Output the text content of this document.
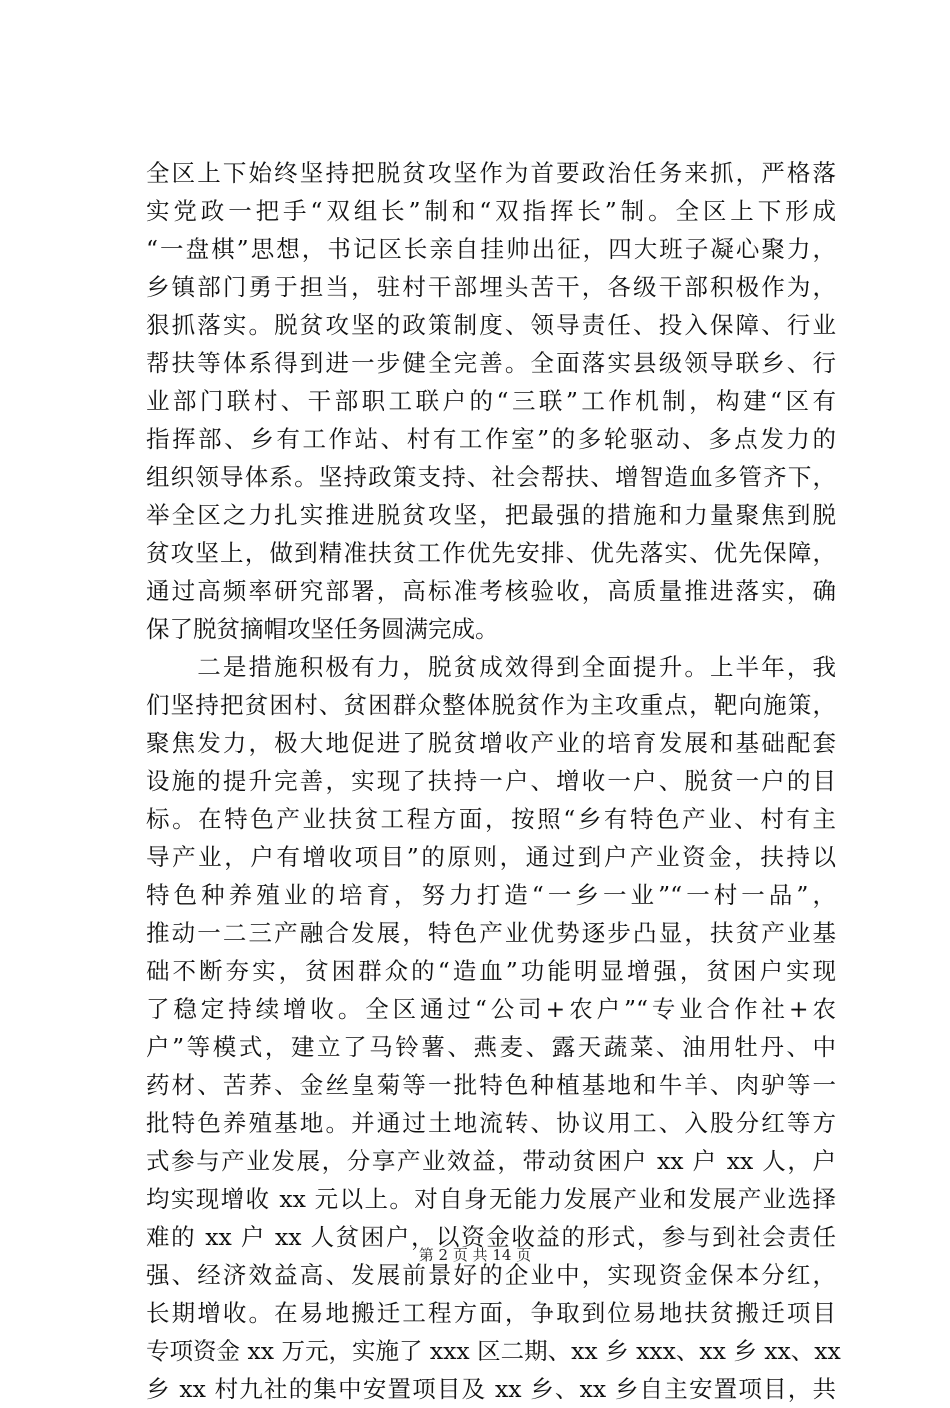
全区上下始终坚持把脱贫攻坚作为首要政治任务来抓，严格落
实党政一把手“双组长”制和“双指挥长”制。全区上下形成
“一盘棋”思想，书记区长亲自挂帅出征，四大班子凝心聚力，
乡镇部门勇于担当，驻村干部埋头苦干，各级干部积极作为，
狠抓落实。脱贫攻坚的政策制度、领导责任、投入保障、行业
帮扶等体系得到进一步健全完善。全面落实县级领导联乡、行
业部门联村、干部职工联户的“三联”工作机制，构建“区有
指挥部、乡有工作站、村有工作室”的多轮驱动、多点发力的
组织领导体系。坚持政策支持、社会帮扶、增智造血多管齐下，
举全区之力扎实推进脱贫攻坚，把最强的措施和力量聚焦到脱
贫攻坚上，做到精准扶贫工作优先安排、优先落实、优先保障，
通过高频率研究部署，高标准考核验收，高质量推进落实，确
保了脱贫摘帽攻坚任务圆满完成。
　　二是措施积极有力，脱贫成效得到全面提升。上半年，我
们坚持把贫困村、贫困群众整体脱贫作为主攻重点，靶向施策，
聚焦发力，极大地促进了脱贫增收产业的培育发展和基础配套
设施的提升完善，实现了扶持一户、增收一户、脱贫一户的目
标。在特色产业扶贫工程方面，按照“乡有特色产业、村有主
导产业，户有增收项目”的原则，通过到户产业资金，扶持以
特色种养殖业的培育，努力打造“一乡一业”“一村一品”，
推动一二三产融合发展，特色产业优势逐步凸显，扶贫产业基
础不断夯实，贫困群众的“造血”功能明显增强，贫困户实现
了稳定持续增收。全区通过“公司+农户”“专业合作社+农
户”等模式，建立了马铃薯、燕麦、露天蔬菜、油用牡丹、中
药材、苦荞、金丝皇菊等一批特色种植基地和牛羊、肉驴等一
批特色养殖基地。并通过土地流转、协议用工、入股分红等方
式参与产业发展，分享产业效益，带动贫困户 xx 户 xx 人，户
均实现增收 xx 元以上。对自身无能力发展产业和发展产业选择
难的 xx 户 xx 人贫困户，以资金收益的形式，参与到社会责任
强、经济效益高、发展前景好的企业中，实现资金保本分红，
长期增收。在易地搬迁工程方面，争取到位易地扶贫搬迁项目
专项资金 xx 万元，实施了 xxx 区二期、xx 乡 xxx、xx 乡 xx、xx
乡 xx 村九社的集中安置项目及 xx 乡、xx 乡自主安置项目，共
第 2 页 共 14 页
